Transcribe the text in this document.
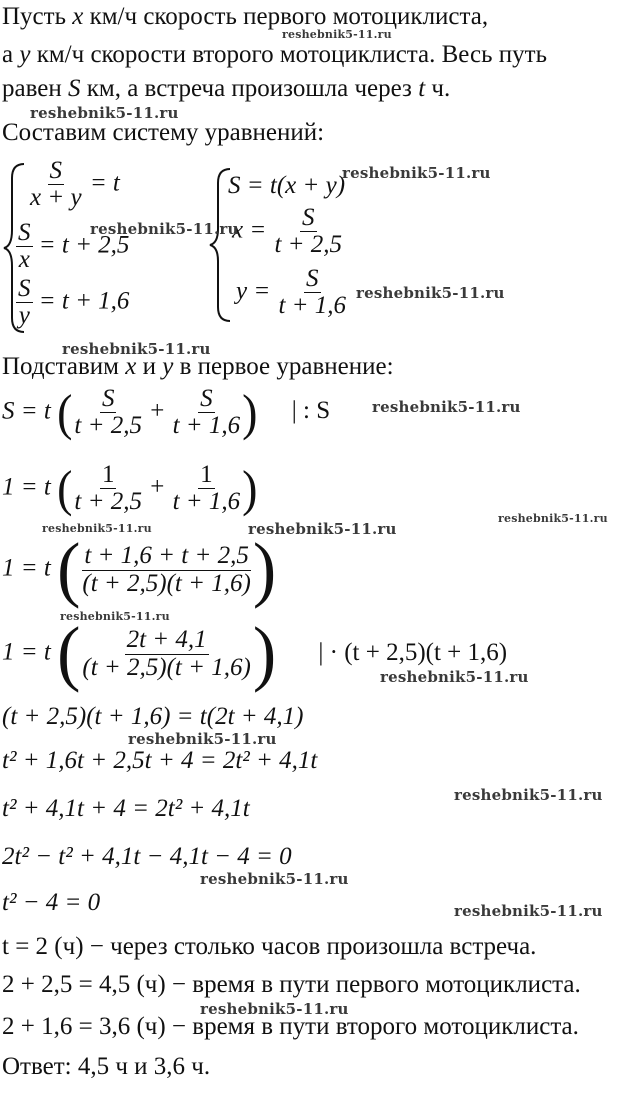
Пусть x км/ч скорость первого мотоциклиста,
а y км/ч скорости второго мотоциклиста. Весь путь
равен S км, а встреча произошла через t ч.
Составим систему уравнений:
$\frac{S}{x + y} = t$
$\frac{S}{x} = t + 2,5$
$\frac{S}{y} = t + 1,6$
S = t(x + y)
$x = \frac{S}{t + 2,5}$
$y = \frac{S}{t + 1,6}$
Подставим x и y в первое уравнение:
S = t ( $\frac{S}{t + 2,5} + \frac{S}{t + 1,6}$ ) | : S
1 = t ( $\frac{1}{t + 2,5} + \frac{1}{t + 1,6}$ )
1 = t ( $\frac{t + 1,6 + t + 2,5}{(t + 2,5)(t + 1,6)}$ )
1 = t ( $\frac{2t + 4,1}{(t + 2,5)(t + 1,6)}$ ) | · (t + 2,5)(t + 1,6)
(t + 2,5)(t + 1,6) = t(2t + 4,1)
t² + 1,6t + 2,5t + 4 = 2t² + 4,1t
t² + 4,1t + 4 = 2t² + 4,1t
2t² − t² + 4,1t − 4,1t − 4 = 0
t² − 4 = 0
t = 2 (ч) − через столько часов произошла встреча.
2 + 2,5 = 4,5 (ч) − время в пути первого мотоциклиста.
2 + 1,6 = 3,6 (ч) − время в пути второго мотоциклиста.
Ответ: 4,5 ч и 3,6 ч.
reshebnik5-11.ru
reshebnik5-11.ru
reshebnik5-11.ru
reshebnik5-11.ru
reshebnik5-11.ru
reshebnik5-11.ru
reshebnik5-11.ru
reshebnik5-11.ru	reshebnik5-11.ru
reshebnik5-11.ru
reshebnik5-11.ru
reshebnik5-11.ru
reshebnik5-11.ru
reshebnik5-11.ru
reshebnik5-11.ru
reshebnik5-11.ru
reshebnik5-11.ru
